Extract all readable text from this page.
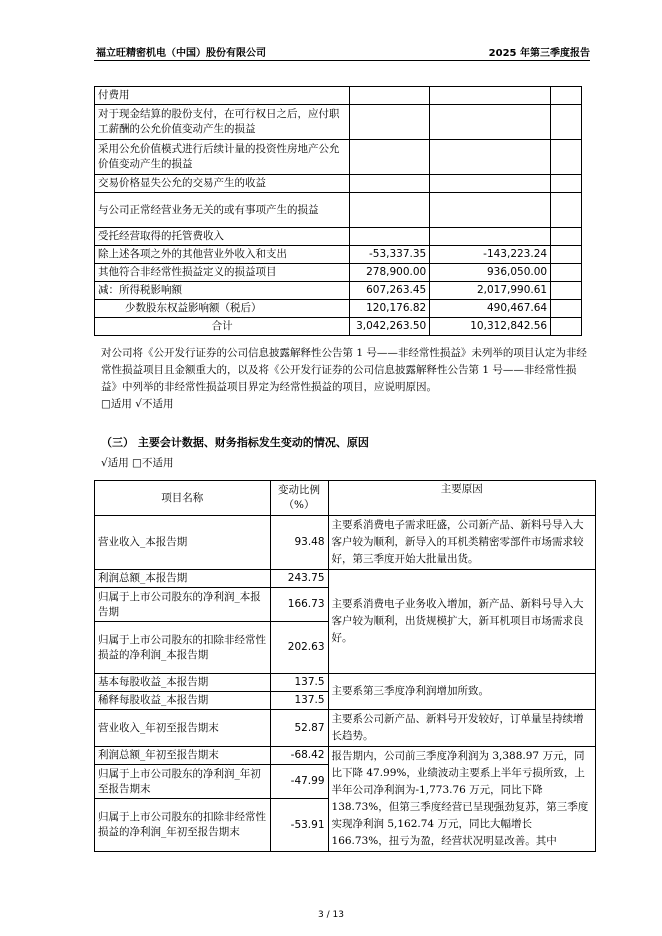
福立旺精密机电（中国）股份有限公司	2025 年第三季度报告
付费用			
对于现金结算的股份支付，在可行权日之后，应付职工薪酬的公允价值变动产生的损益			
采用公允价值模式进行后续计量的投资性房地产公允价值变动产生的损益			
交易价格显失公允的交易产生的收益			
与公司正常经营业务无关的或有事项产生的损益			
受托经营取得的托管费收入			
除上述各项之外的其他营业外收入和支出	-53,337.35	-143,223.24	
其他符合非经常性损益定义的损益项目	278,900.00	936,050.00	
减：所得税影响额	607,263.45	2,017,990.61	
少数股东权益影响额（税后）	120,176.82	490,467.64	
合计	3,042,263.50	10,312,842.56	
对公司将《公开发行证券的公司信息披露解释性公告第 1 号——非经常性损益》未列举的项目认定为非经常性损益项目且金额重大的，以及将《公开发行证券的公司信息披露解释性公告第 1 号——非经常性损益》中列举的非经常性损益项目界定为经常性损益的项目，应说明原因。
□适用 √不适用
（三） 主要会计数据、财务指标发生变动的情况、原因
√适用 □不适用
项目名称	变动比例（%）	主要原因
营业收入_本报告期	93.48	主要系消费电子需求旺盛，公司新产品、新料号导入大客户较为顺利，新导入的耳机类精密零部件市场需求较好，第三季度开始大批量出货。
利润总额_本报告期	243.75	主要系消费电子业务收入增加，新产品、新料号导入大客户较为顺利，出货规模扩大，新耳机项目市场需求良好。
归属于上市公司股东的净利润_本报告期	166.73	
归属于上市公司股东的扣除非经常性损益的净利润_本报告期	202.63	
基本每股收益_本报告期	137.5	主要系第三季度净利润增加所致。
稀释每股收益_本报告期	137.5	
营业收入_年初至报告期末	52.87	主要系公司新产品、新料号开发较好，订单量呈持续增长趋势。
利润总额_年初至报告期末	-68.42	报告期内，公司前三季度净利润为 3,388.97 万元，同比下降 47.99%，业绩波动主要系上半年亏损所致，上半年公司净利润为-1,773.76 万元，同比下降 138.73%，但第三季度经营已呈现强劲复苏，第三季度实现净利润 5,162.74 万元，同比大幅增长 166.73%，扭亏为盈，经营状况明显改善。其中
归属于上市公司股东的净利润_年初至报告期末	-47.99	
归属于上市公司股东的扣除非经常性损益的净利润_年初至报告期末	-53.91	
3 / 13
